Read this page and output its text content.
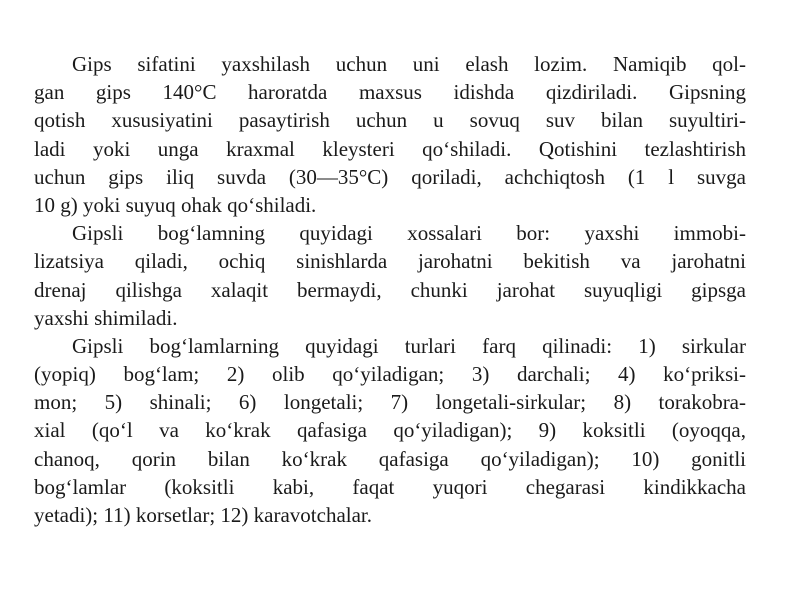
Gips sifatini yaxshilash uchun uni elash lozim. Namiqib qol-
gan gips 140°C haroratda maxsus idishda qizdiriladi. Gipsning
qotish xususiyatini pasaytirish uchun u sovuq suv bilan suyultiri-
ladi yoki unga kraxmal kleysteri qo‘shiladi. Qotishini tezlashtirish
uchun gips iliq suvda (30—35°C) qoriladi, achchiqtosh (1 l suvga
10 g) yoki suyuq ohak qo‘shiladi.
Gipsli bog‘lamning quyidagi xossalari bor: yaxshi immobi-
lizatsiya qiladi, ochiq sinishlarda jarohatni bekitish va jarohatni
drenaj qilishga xalaqit bermaydi, chunki jarohat suyuqligi gipsga
yaxshi shimiladi.
Gipsli bog‘lamlarning quyidagi turlari farq qilinadi: 1) sirkular
(yopiq) bog‘lam; 2) olib qo‘yiladigan; 3) darchali; 4) ko‘priksi-
mon; 5) shinali; 6) longetali; 7) longetali-sirkular; 8) torakobra-
xial (qo‘l va ko‘krak qafasiga qo‘yiladigan); 9) koksitli (oyoqqa,
chanoq, qorin bilan ko‘krak qafasiga qo‘yiladigan); 10) gonitli
bog‘lamlar (koksitli kabi, faqat yuqori chegarasi kindikkacha
yetadi); 11) korsetlar; 12) karavotchalar.
